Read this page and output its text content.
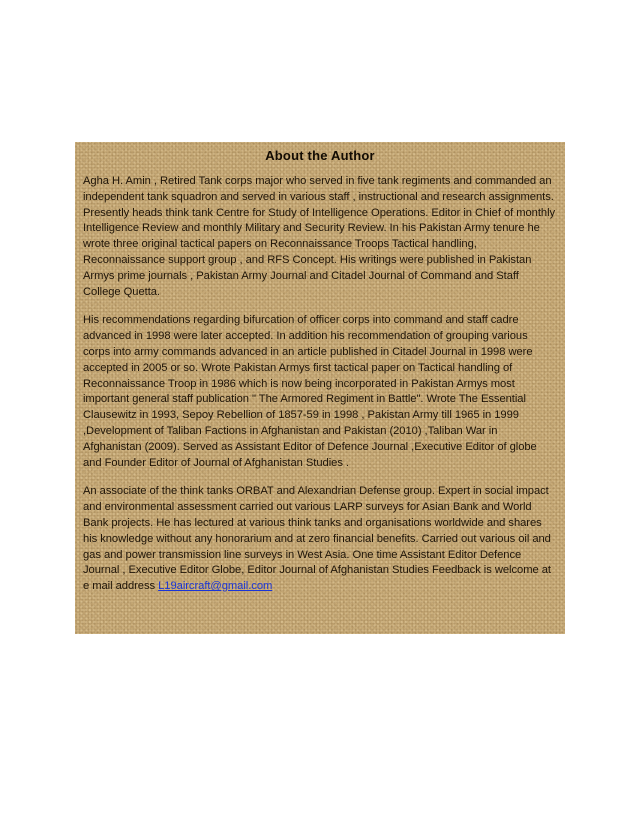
About the Author

Agha H. Amin , Retired Tank corps major who served in five tank regiments and commanded an independent tank squadron and served in various staff , instructional and research assignments. Presently heads think tank Centre for Study of Intelligence Operations. Editor in Chief of monthly Intelligence Review and monthly Military and Security Review. In his Pakistan Army tenure he wrote three original tactical papers on Reconnaissance Troops Tactical handling, Reconnaissance support group , and RFS Concept. His writings were published in Pakistan Armys prime journals , Pakistan Army Journal and Citadel Journal of Command and Staff College Quetta.

His recommendations regarding bifurcation of officer corps into command and staff cadre advanced in 1998 were later accepted. In addition his recommendation of grouping various corps into army commands advanced in an article published in Citadel Journal in 1998 were accepted in 2005 or so. Wrote Pakistan Armys first tactical paper on Tactical handling of Reconnaissance Troop in 1986 which is now being incorporated in Pakistan Armys most important general staff publication " The Armored Regiment in Battle". Wrote The Essential Clausewitz in 1993, Sepoy Rebellion of 1857-59 in 1998 , Pakistan Army till 1965 in 1999 ,Development of Taliban Factions in Afghanistan and Pakistan (2010) ,Taliban War in Afghanistan (2009). Served as Assistant Editor of Defence Journal ,Executive Editor of globe and Founder Editor of Journal of Afghanistan Studies .

An associate of the think tanks ORBAT and Alexandrian Defense group. Expert in social impact and environmental assessment carried out various LARP surveys for Asian Bank and World Bank projects. He has lectured at various think tanks and organisations worldwide and shares his knowledge without any honorarium and at zero financial benefits. Carried out various oil and gas and power transmission line surveys in West Asia. One time Assistant Editor Defence Journal , Executive Editor Globe, Editor Journal of Afghanistan Studies Feedback is welcome at e mail address L19aircraft@gmail.com
